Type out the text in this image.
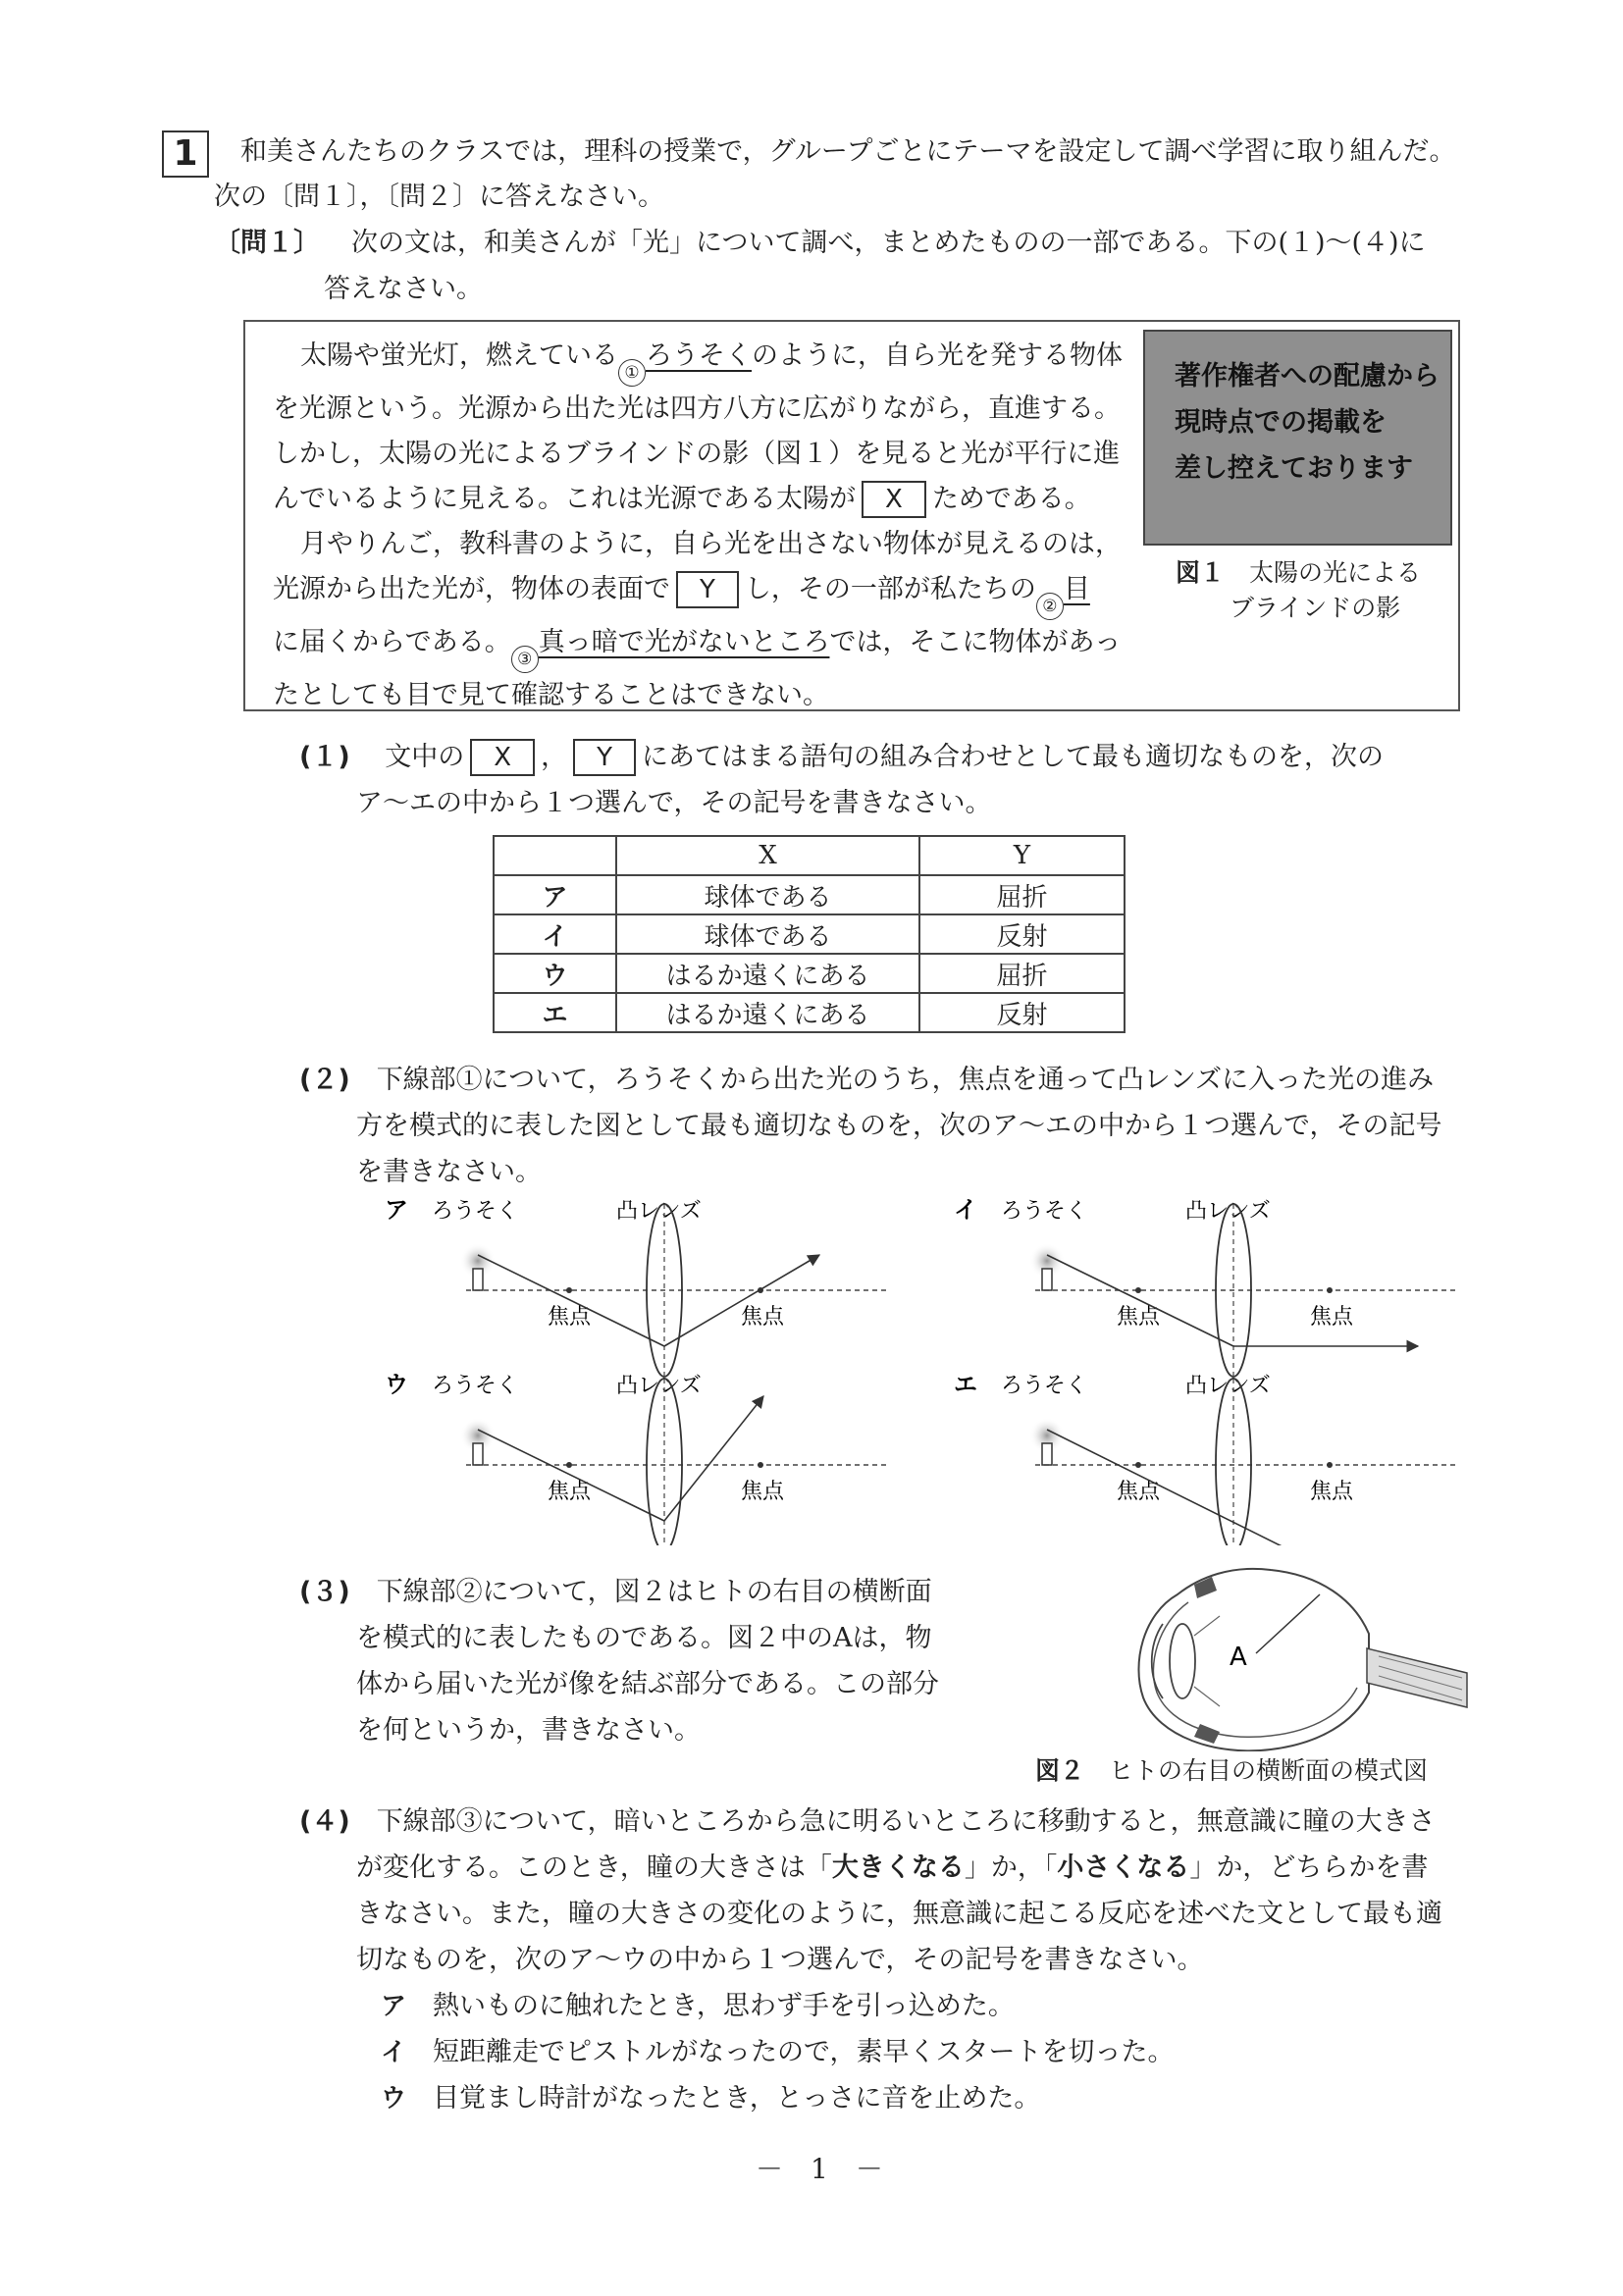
1	和美さんたちのクラスでは，理科の授業で，グループごとにテーマを設定して調べ学習に取り組んだ。
次の〔問１〕，〔問２〕に答えなさい。
〔問１〕 次の文は，和美さんが「光」について調べ，まとめたものの一部である。下の(１)～(４)に
答えなさい。
太陽や蛍光灯，燃えている①ろうそくのように，自ら光を発する物体
を光源という。光源から出た光は四方八方に広がりながら，直進する。
しかし，太陽の光によるブラインドの影（図１）を見ると光が平行に進
んでいるように見える。これは光源である太陽が X ためである。
月やりんご，教科書のように，自ら光を出さない物体が見えるのは，
光源から出た光が，物体の表面で Y し，その一部が私たちの②目
に届くからである。③真っ暗で光がないところでは，そこに物体があっ
たとしても目で見て確認することはできない。
著作権者への配慮から
現時点での掲載を
差し控えております
図１　 太陽の光による
ブラインドの影
(１)　 文中の X ， Y にあてはまる語句の組み合わせとして最も適切なものを，次の
ア～エの中から１つ選んで，その記号を書きなさい。
	X	Y
ア	球体である	屈折
イ	球体である	反射
ウ	はるか遠くにある	屈折
エ	はるか遠くにある	反射
(２)　 下線部①について，ろうそくから出た光のうち，焦点を通って凸レンズに入った光の進み
方を模式的に表した図として最も適切なものを，次のア～エの中から１つ選んで，その記号
を書きなさい。
ア ろうそく	凸レンズ
焦点	焦点
イ ろうそく	凸レンズ
焦点	焦点
ウ ろうそく	凸レンズ
焦点	焦点
エ ろうそく	凸レンズ
焦点	焦点
(３)　 下線部②について，図２はヒトの右目の横断面
を模式的に表したものである。図２中のAは，物
体から届いた光が像を結ぶ部分である。この部分
を何というか，書きなさい。
A
図２　 ヒトの右目の横断面の模式図
(４)　 下線部③について，暗いところから急に明るいところに移動すると，無意識に瞳の大きさ
が変化する。このとき，瞳の大きさは「大きくなる」か，「小さくなる」か，どちらかを書
きなさい。また，瞳の大きさの変化のように，無意識に起こる反応を述べた文として最も適
切なものを，次のア～ウの中から１つ選んで，その記号を書きなさい。
ア　 熱いものに触れたとき，思わず手を引っ込めた。
イ　 短距離走でピストルがなったので，素早くスタートを切った。
ウ　 目覚まし時計がなったとき，とっさに音を止めた。
－　1　－
